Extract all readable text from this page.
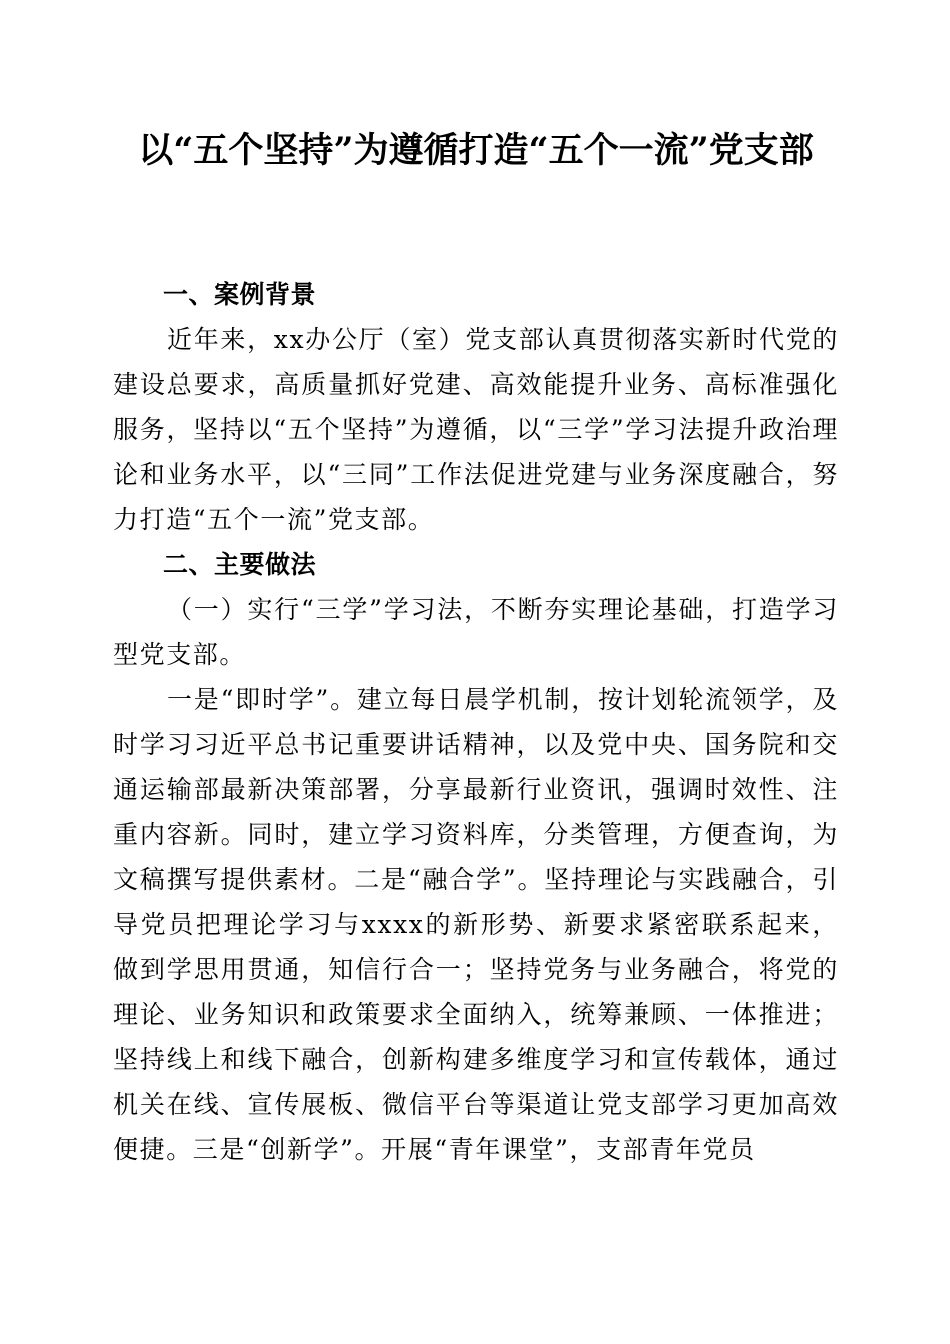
以“五个坚持”为遵循打造“五个一流”党支部
一、案例背景

近年来，xx办公厅（室）党支部认真贯彻落实新时代党的建设总要求，高质量抓好党建、高效能提升业务、高标准强化服务，坚持以“五个坚持”为遵循，以“三学”学习法提升政治理论和业务水平，以“三同”工作法促进党建与业务深度融合，努力打造“五个一流”党支部。

二、主要做法

（一）实行“三学”学习法，不断夯实理论基础，打造学习型党支部。

一是“即时学”。建立每日晨学机制，按计划轮流领学，及时学习习近平总书记重要讲话精神，以及党中央、国务院和交通运输部最新决策部署，分享最新行业资讯，强调时效性、注重内容新。同时，建立学习资料库，分类管理，方便查询，为文稿撰写提供素材。二是“融合学”。坚持理论与实践融合，引导党员把理论学习与xxxx的新形势、新要求紧密联系起来，做到学思用贯通，知信行合一；坚持党务与业务融合，将党的理论、业务知识和政策要求全面纳入，统筹兼顾、一体推进；坚持线上和线下融合，创新构建多维度学习和宣传载体，通过机关在线、宣传展板、微信平台等渠道让党支部学习更加高效便捷。三是“创新学”。开展“青年课堂”，支部青年党员
